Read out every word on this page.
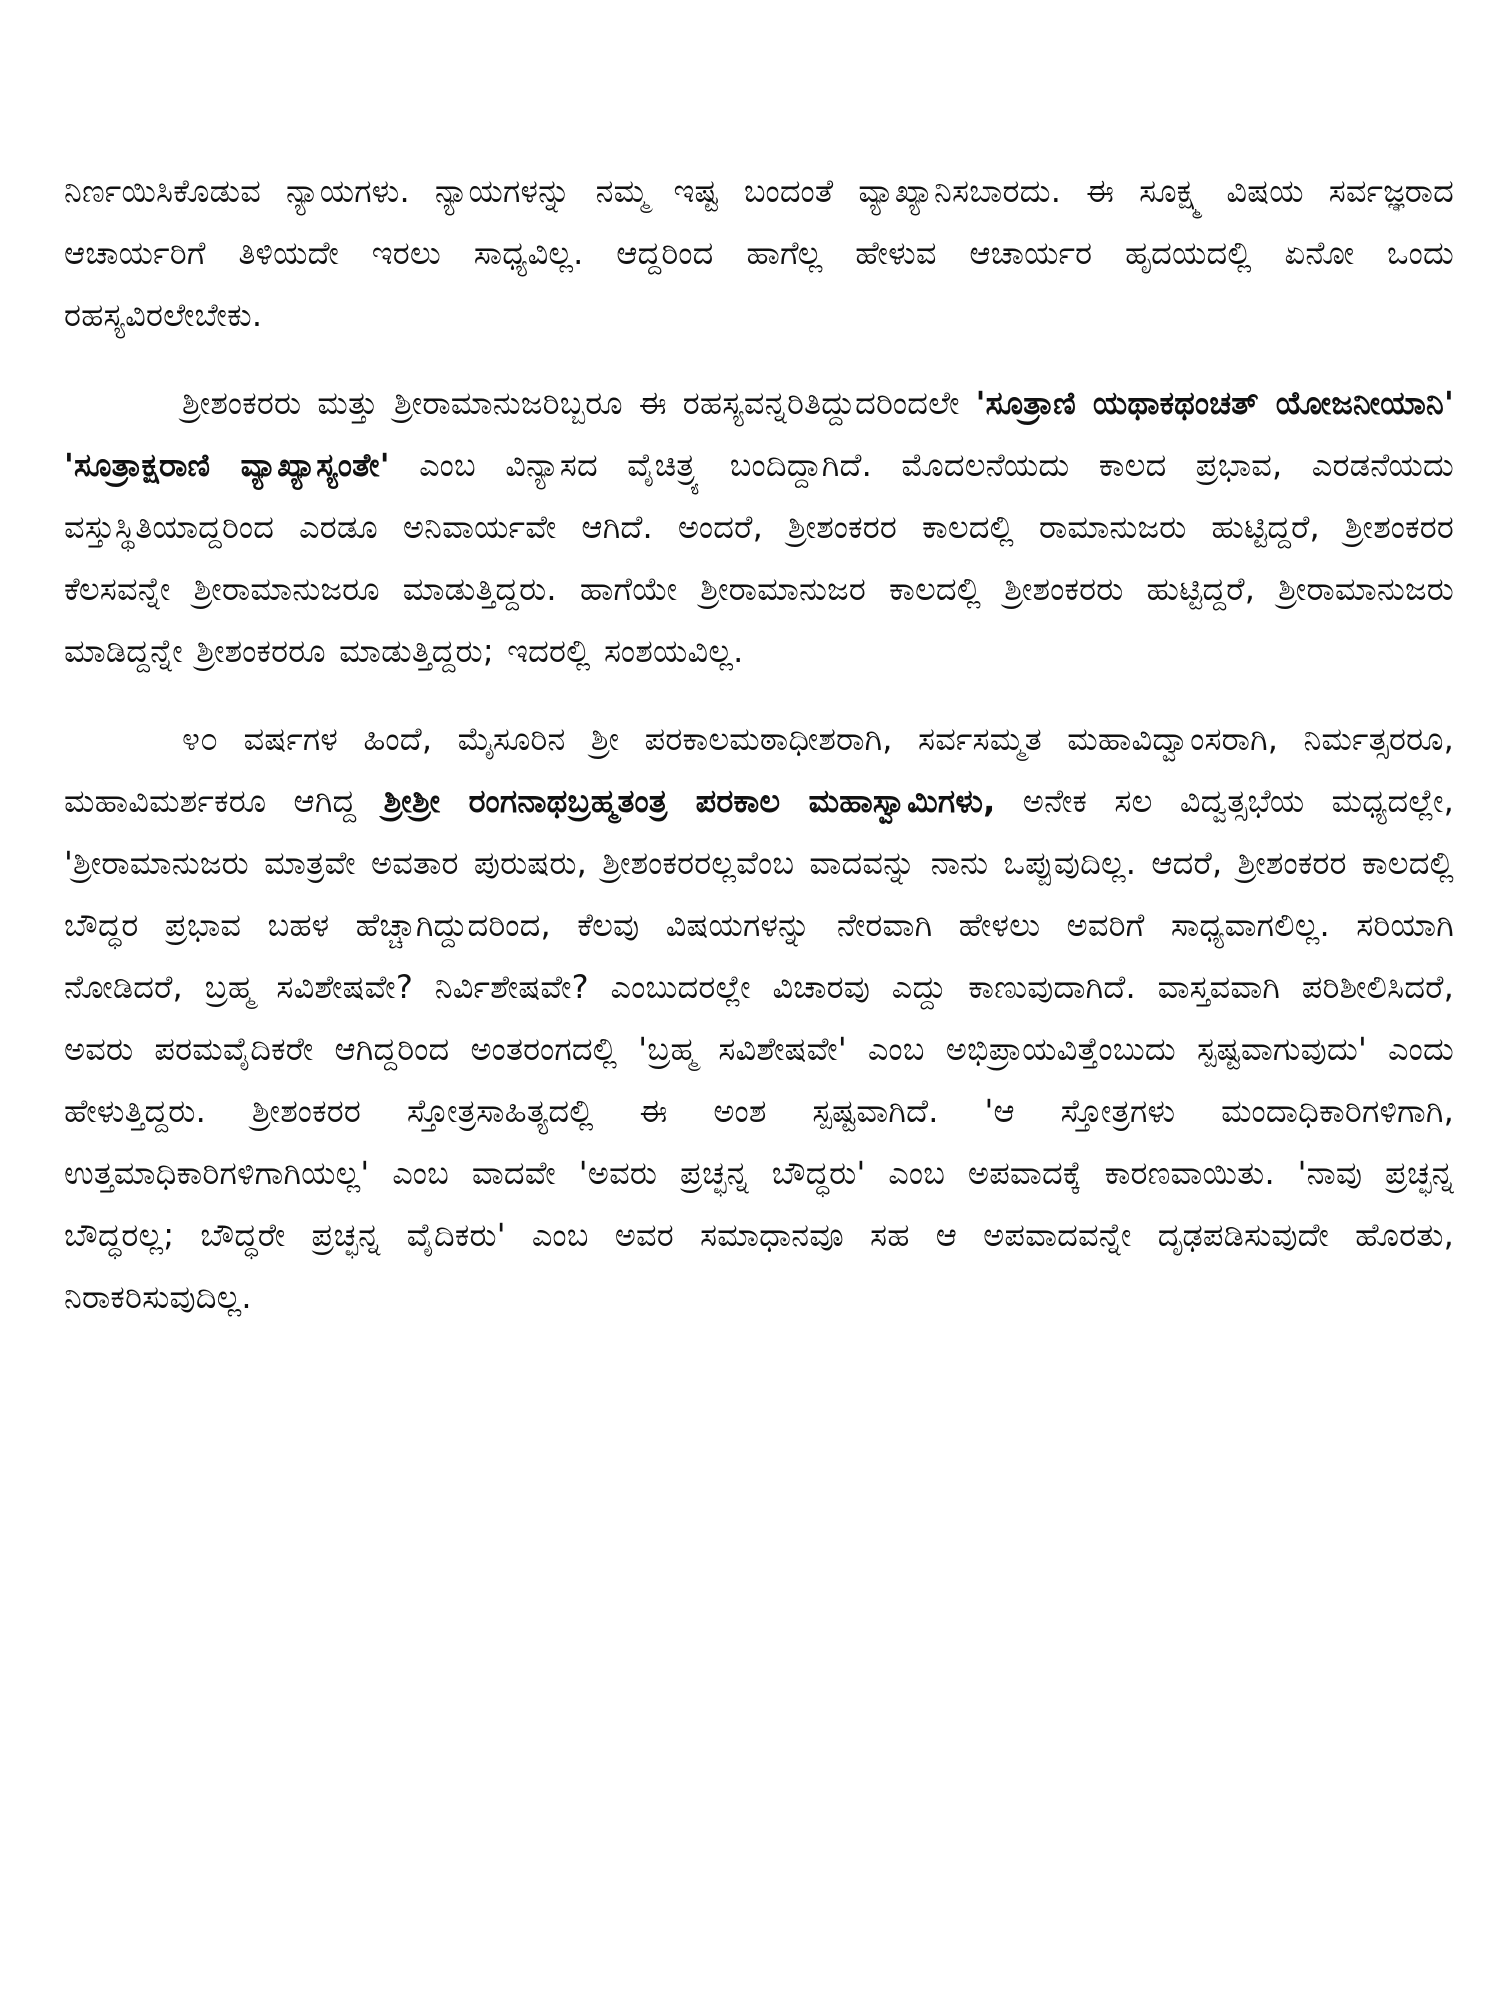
ನಿರ್ಣಯಿಸಿಕೊಡುವ ನ್ಯಾಯಗಳು. ನ್ಯಾಯಗಳನ್ನು ನಮ್ಮ ಇಷ್ಟ ಬಂದಂತೆ ವ್ಯಾಖ್ಯಾನಿಸಬಾರದು. ಈ ಸೂಕ್ಷ್ಮ ವಿಷಯ ಸರ್ವಜ್ಞರಾದ ಆಚಾರ್ಯರಿಗೆ ತಿಳಿಯದೇ ಇರಲು ಸಾಧ್ಯವಿಲ್ಲ. ಆದ್ದರಿಂದ ಹಾಗೆಲ್ಲ ಹೇಳುವ ಆಚಾರ್ಯರ ಹೃದಯದಲ್ಲಿ ಏನೋ ಒಂದು ರಹಸ್ಯವಿರಲೇಬೇಕು.

ಶ್ರೀಶಂಕರರು ಮತ್ತು ಶ್ರೀರಾಮಾನುಜರಿಬ್ಬರೂ ಈ ರಹಸ್ಯವನ್ನರಿತಿದ್ದುದರಿಂದಲೇ 'ಸೂತ್ರಾಣಿ ಯಥಾಕಥಂಚತ್ ಯೋಜನೀಯಾನಿ' 'ಸೂತ್ರಾಕ್ಷರಾಣಿ ವ್ಯಾಖ್ಯಾಸ್ಯಂತೇ' ಎಂಬ ವಿನ್ಯಾಸದ ವೈಚಿತ್ರ್ಯ ಬಂದಿದ್ದಾಗಿದೆ. ಮೊದಲನೆಯದು ಕಾಲದ ಪ್ರಭಾವ, ಎರಡನೆಯದು ವಸ್ತುಸ್ಥಿತಿಯಾದ್ದರಿಂದ ಎರಡೂ ಅನಿವಾರ್ಯವೇ ಆಗಿದೆ. ಅಂದರೆ, ಶ್ರೀಶಂಕರರ ಕಾಲದಲ್ಲಿ ರಾಮಾನುಜರು ಹುಟ್ಟಿದ್ದರೆ, ಶ್ರೀಶಂಕರರ ಕೆಲಸವನ್ನೇ ಶ್ರೀರಾಮಾನುಜರೂ ಮಾಡುತ್ತಿದ್ದರು. ಹಾಗೆಯೇ ಶ್ರೀರಾಮಾನುಜರ ಕಾಲದಲ್ಲಿ ಶ್ರೀಶಂಕರರು ಹುಟ್ಟಿದ್ದರೆ, ಶ್ರೀರಾಮಾನುಜರು ಮಾಡಿದ್ದನ್ನೇ ಶ್ರೀಶಂಕರರೂ ಮಾಡುತ್ತಿದ್ದರು; ಇದರಲ್ಲಿ ಸಂಶಯವಿಲ್ಲ.

೪೦ ವರ್ಷಗಳ ಹಿಂದೆ, ಮೈಸೂರಿನ ಶ್ರೀ ಪರಕಾಲಮಠಾಧೀಶರಾಗಿ, ಸರ್ವಸಮ್ಮತ ಮಹಾವಿದ್ವಾಂಸರಾಗಿ, ನಿರ್ಮತ್ಸರರೂ, ಮಹಾವಿಮರ್ಶಕರೂ ಆಗಿದ್ದ ಶ್ರೀಶ್ರೀ ರಂಗನಾಥಬ್ರಹ್ಮತಂತ್ರ ಪರಕಾಲ ಮಹಾಸ್ವಾಮಿಗಳು, ಅನೇಕ ಸಲ ವಿದ್ವತ್ಸಭೆಯ ಮಧ್ಯದಲ್ಲೇ, 'ಶ್ರೀರಾಮಾನುಜರು ಮಾತ್ರವೇ ಅವತಾರ ಪುರುಷರು, ಶ್ರೀಶಂಕರರಲ್ಲವೆಂಬ ವಾದವನ್ನು ನಾನು ಒಪ್ಪುವುದಿಲ್ಲ. ಆದರೆ, ಶ್ರೀಶಂಕರರ ಕಾಲದಲ್ಲಿ ಬೌದ್ಧರ ಪ್ರಭಾವ ಬಹಳ ಹೆಚ್ಚಾಗಿದ್ದುದರಿಂದ, ಕೆಲವು ವಿಷಯಗಳನ್ನು ನೇರವಾಗಿ ಹೇಳಲು ಅವರಿಗೆ ಸಾಧ್ಯವಾಗಲಿಲ್ಲ. ಸರಿಯಾಗಿ ನೋಡಿದರೆ, ಬ್ರಹ್ಮ ಸವಿಶೇಷವೇ? ನಿರ್ವಿಶೇಷವೇ? ಎಂಬುದರಲ್ಲೇ ವಿಚಾರವು ಎದ್ದು ಕಾಣುವುದಾಗಿದೆ. ವಾಸ್ತವವಾಗಿ ಪರಿಶೀಲಿಸಿದರೆ, ಅವರು ಪರಮವೈದಿಕರೇ ಆಗಿದ್ದರಿಂದ ಅಂತರಂಗದಲ್ಲಿ 'ಬ್ರಹ್ಮ ಸವಿಶೇಷವೇ' ಎಂಬ ಅಭಿಪ್ರಾಯವಿತ್ತೆಂಬುದು ಸ್ಪಷ್ಟವಾಗುವುದು' ಎಂದು ಹೇಳುತ್ತಿದ್ದರು. ಶ್ರೀಶಂಕರರ ಸ್ತೋತ್ರಸಾಹಿತ್ಯದಲ್ಲಿ ಈ ಅಂಶ ಸ್ಪಷ್ಟವಾಗಿದೆ. 'ಆ ಸ್ತೋತ್ರಗಳು ಮಂದಾಧಿಕಾರಿಗಳಿಗಾಗಿ, ಉತ್ತಮಾಧಿಕಾರಿಗಳಿಗಾಗಿಯಲ್ಲ' ಎಂಬ ವಾದವೇ 'ಅವರು ಪ್ರಚ್ಛನ್ನ ಬೌದ್ಧರು' ಎಂಬ ಅಪವಾದಕ್ಕೆ ಕಾರಣವಾಯಿತು. 'ನಾವು ಪ್ರಚ್ಛನ್ನ ಬೌದ್ಧರಲ್ಲ; ಬೌದ್ಧರೇ ಪ್ರಚ್ಛನ್ನ ವೈದಿಕರು' ಎಂಬ ಅವರ ಸಮಾಧಾನವೂ ಸಹ ಆ ಅಪವಾದವನ್ನೇ ದೃಢಪಡಿಸುವುದೇ ಹೊರತು, ನಿರಾಕರಿಸುವುದಿಲ್ಲ.
